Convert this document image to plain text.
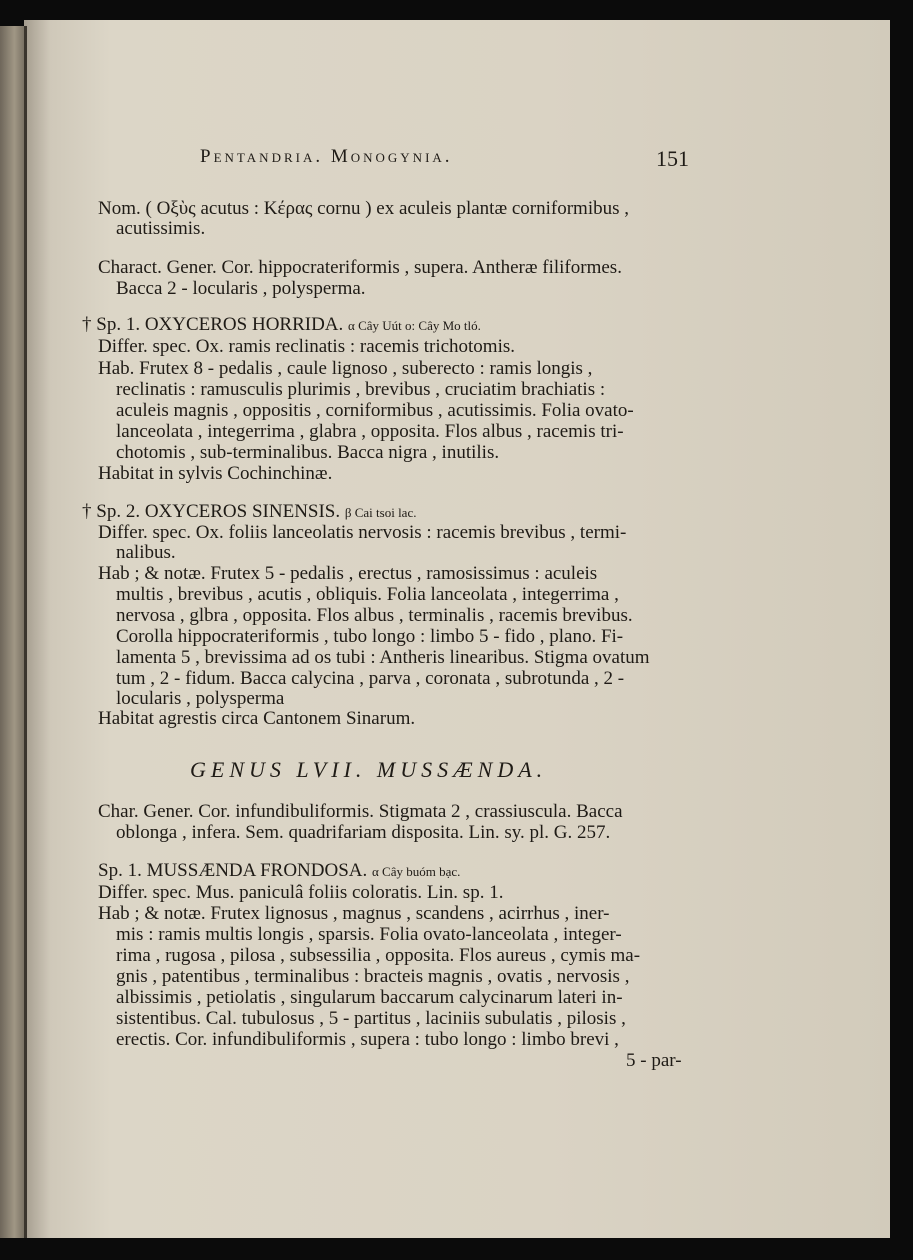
Pentandria. Monogynia.	151
Nom. ( Οξὺς acutus : Κέρας cornu ) ex aculeis plantæ corniformibus ,
acutissimis.
Charact. Gener. Cor. hippocrateriformis , supera. Antheræ filiformes.
Bacca 2 - locularis , polysperma.
† Sp. 1. OXYCEROS HORRIDA. α Cây Uút o: Cây Mo tló.
Differ. spec. Ox. ramis reclinatis : racemis trichotomis.
Hab. Frutex 8 - pedalis , caule lignoso , suberecto : ramis longis ,
reclinatis : ramusculis plurimis , brevibus , cruciatim brachiatis :
aculeis magnis , oppositis , corniformibus , acutissimis. Folia ovato-
lanceolata , integerrima , glabra , opposita. Flos albus , racemis tri-
chotomis , sub-terminalibus. Bacca nigra , inutilis.
Habitat in sylvis Cochinchinæ.
† Sp. 2. OXYCEROS SINENSIS. β Cai tsoi lac.
Differ. spec. Ox. foliis lanceolatis nervosis : racemis brevibus , termi-
nalibus.
Hab ; & notæ. Frutex 5 - pedalis , erectus , ramosissimus : aculeis
multis , brevibus , acutis , obliquis. Folia lanceolata , integerrima ,
nervosa , glbra , opposita. Flos albus , terminalis , racemis brevibus.
Corolla hippocrateriformis , tubo longo : limbo 5 - fido , plano. Fi-
lamenta 5 , brevissima ad os tubi : Antheris linearibus. Stigma ovatum
tum , 2 - fidum. Bacca calycina , parva , coronata , subrotunda , 2 -
locularis , polysperma
Habitat agrestis circa Cantonem Sinarum.
GENUS LVII. MUSSÆNDA.
Char. Gener. Cor. infundibuliformis. Stigmata 2 , crassiuscula. Bacca
oblonga , infera. Sem. quadrifariam disposita. Lin. sy. pl. G. 257.
Sp. 1. MUSSÆNDA FRONDOSA. α Cây buóm bạc.
Differ. spec. Mus. paniculâ foliis coloratis. Lin. sp. 1.
Hab ; & notæ. Frutex lignosus , magnus , scandens , acirrhus , iner-
mis : ramis multis longis , sparsis. Folia ovato-lanceolata , integer-
rima , rugosa , pilosa , subsessilia , opposita. Flos aureus , cymis ma-
gnis , patentibus , terminalibus : bracteis magnis , ovatis , nervosis ,
albissimis , petiolatis , singularum baccarum calycinarum lateri in-
sistentibus. Cal. tubulosus , 5 - partitus , laciniis subulatis , pilosis ,
erectis. Cor. infundibuliformis , supera : tubo longo : limbo brevi ,
5 - par-
